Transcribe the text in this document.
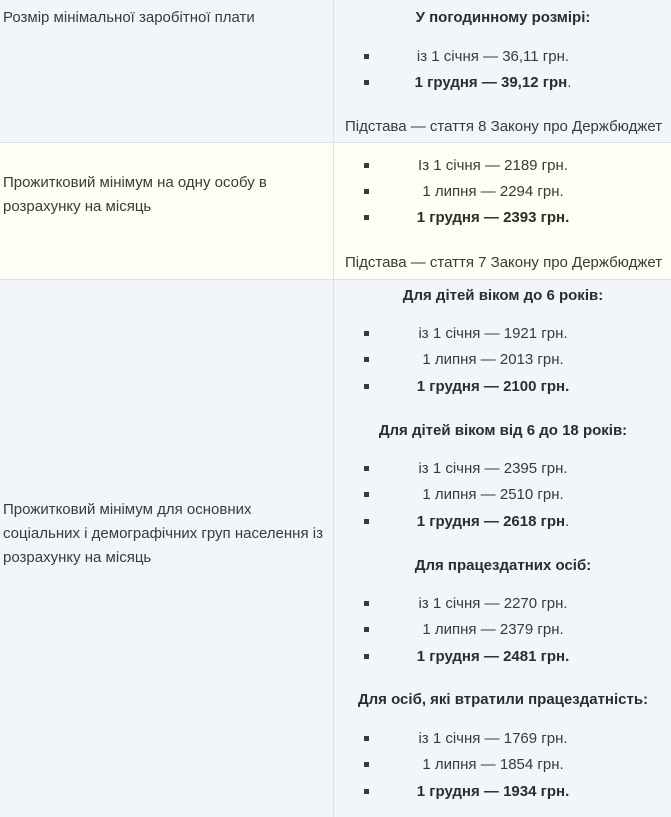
Розмір мінімальної заробітної плати	У погодинному розмірі:
із 1 січня — 36,11 грн.
1 грудня — 39,12 грн.
Підстава — стаття 8 Закону про Держбюджет
Прожитковий мінімум на одну особу в розрахунку на місяць
Із 1 січня — 2189 грн.
1 липня — 2294 грн.
1 грудня — 2393 грн.
Підстава — стаття 7 Закону про Держбюджет
Прожитковий мінімум для основних соціальних і демографічних груп населення із розрахунку на місяць
Для дітей віком до 6 років:
із 1 січня — 1921 грн.
1 липня — 2013 грн.
1 грудня — 2100 грн.
Для дітей віком від 6 до 18 років:
із 1 січня — 2395 грн.
1 липня — 2510 грн.
1 грудня — 2618 грн.
Для працездатних осіб:
із 1 січня — 2270 грн.
1 липня — 2379 грн.
1 грудня — 2481 грн.
Для осіб, які втратили працездатність:
із 1 січня — 1769 грн.
1 липня — 1854 грн.
1 грудня — 1934 грн.
